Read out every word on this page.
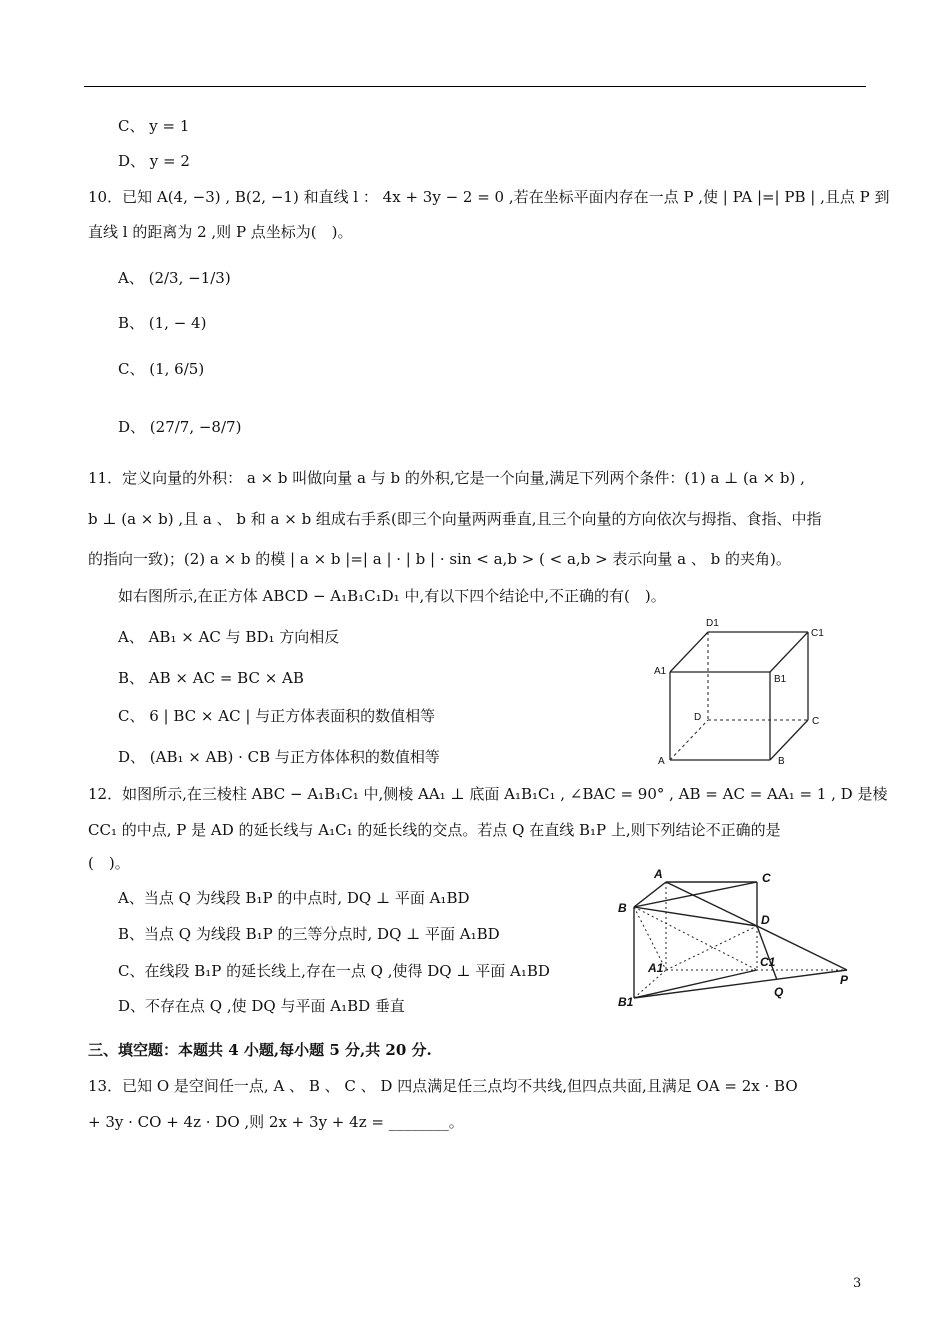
C、 y = 1
D、 y = 2
10．已知 A(4, −3) , B(2, −1) 和直线 l ： 4x + 3y − 2 = 0 ,若在坐标平面内存在一点 P ,使 | PA |=| PB | ,且点 P 到
直线 l 的距离为 2 ,则 P 点坐标为(　)。
A、 (2/3, −1/3)
B、 (1, − 4)
C、 (1, 6/5)
D、 (27/7, −8/7)
11．定义向量的外积： a × b 叫做向量 a 与 b 的外积,它是一个向量,满足下列两个条件：(1) a ⊥ (a × b) ,
b ⊥ (a × b) ,且 a 、 b 和 a × b 组成右手系(即三个向量两两垂直,且三个向量的方向依次与拇指、食指、中指
的指向一致)；(2) a × b 的模 | a × b |=| a | · | b | · sin < a,b > ( < a,b > 表示向量 a 、 b 的夹角)。
如右图所示,在正方体 ABCD − A₁B₁C₁D₁ 中,有以下四个结论中,不正确的有(　)。
A、 AB₁ × AC 与 BD₁ 方向相反
B、 AB × AC = BC × AB
C、 6 | BC × AC | 与正方体表面积的数值相等
D、 (AB₁ × AB) · CB 与正方体体积的数值相等
12．如图所示,在三棱柱 ABC − A₁B₁C₁ 中,侧棱 AA₁ ⊥ 底面 A₁B₁C₁ , ∠BAC = 90° , AB = AC = AA₁ = 1 , D 是棱
CC₁ 的中点, P 是 AD 的延长线与 A₁C₁ 的延长线的交点。若点 Q 在直线 B₁P 上,则下列结论不正确的是
(　)。
A、当点 Q 为线段 B₁P 的中点时, DQ ⊥ 平面 A₁BD
B、当点 Q 为线段 B₁P 的三等分点时, DQ ⊥ 平面 A₁BD
C、在线段 B₁P 的延长线上,存在一点 Q ,使得 DQ ⊥ 平面 A₁BD
D、不存在点 Q ,使 DQ 与平面 A₁BD 垂直
三、填空题：本题共 4 小题,每小题 5 分,共 20 分.
13．已知 O 是空间任一点, A 、 B 、 C 、 D 四点满足任三点均不共线,但四点共面,且满足 OA = 2x · BO
+ 3y · CO + 4z · DO ,则 2x + 3y + 4z = ________。
D1
C1
A1
B1
D	C
A	B
A	C
B
D
A1	C1
Q
P
B1
3
